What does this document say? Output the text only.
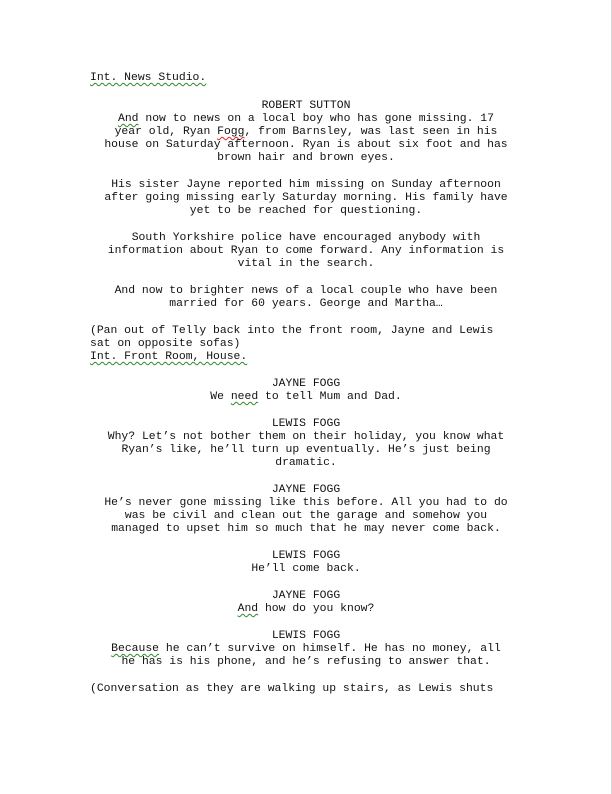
Int. News Studio.
ROBERT SUTTON
And now to news on a local boy who has gone missing. 17
year old, Ryan Fogg, from Barnsley, was last seen in his
house on Saturday afternoon. Ryan is about six foot and has
brown hair and brown eyes.
His sister Jayne reported him missing on Sunday afternoon
after going missing early Saturday morning. His family have
yet to be reached for questioning.
South Yorkshire police have encouraged anybody with
information about Ryan to come forward. Any information is
vital in the search.
And now to brighter news of a local couple who have been
married for 60 years. George and Martha…
(Pan out of Telly back into the front room, Jayne and Lewis
sat on opposite sofas)
Int. Front Room, House.
JAYNE FOGG
We need to tell Mum and Dad.
LEWIS FOGG
Why? Let’s not bother them on their holiday, you know what
Ryan’s like, he’ll turn up eventually. He’s just being
dramatic.
JAYNE FOGG
He’s never gone missing like this before. All you had to do
was be civil and clean out the garage and somehow you
managed to upset him so much that he may never come back.
LEWIS FOGG
He’ll come back.
JAYNE FOGG
And how do you know?
LEWIS FOGG
Because he can’t survive on himself. He has no money, all
he has is his phone, and he’s refusing to answer that.
(Conversation as they are walking up stairs, as Lewis shuts
